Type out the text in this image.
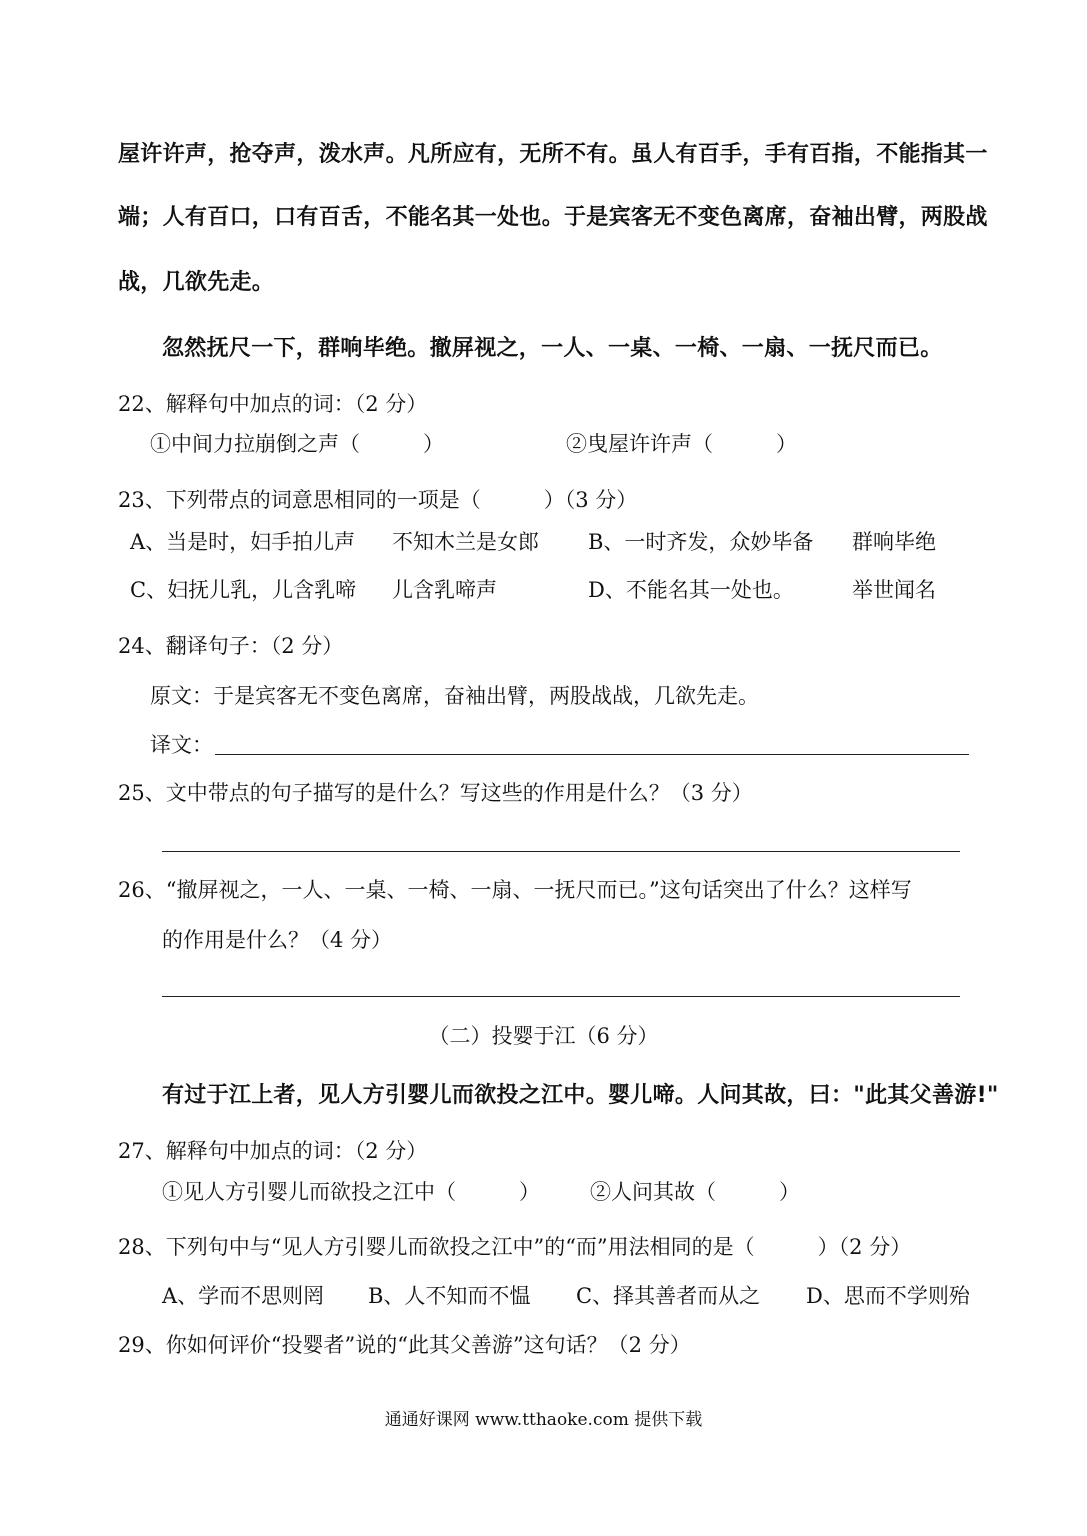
屋许许声，抢夺声，泼水声。凡所应有，无所不有。虽人有百手，手有百指，不能指其一
端；人有百口，口有百舌，不能名其一处也。于是宾客无不变色离席，奋袖出臂，两股战
战，几欲先走。
忽然抚尺一下，群响毕绝。撤屏视之，一人、一桌、一椅、一扇、一抚尺而已。
22、解释句中加点的词：（2 分）
①中间力拉崩倒之声（　　　）	②曳屋许许声（　　　）
23、下列带点的词意思相同的一项是（　　　）（3 分）
A、当是时，妇手拍儿声 不知木兰是女郎 B、一时齐发，众妙毕备 群响毕绝
C、妇抚儿乳，儿含乳啼 儿含乳啼声	D、不能名其一处也。	举世闻名
24、翻译句子：（2 分）
原文：于是宾客无不变色离席，奋袖出臂，两股战战，几欲先走。
译文：
25、文中带点的句子描写的是什么？写这些的作用是什么？（3 分）
26、“撤屏视之，一人、一桌、一椅、一扇、一抚尺而已。”这句话突出了什么？这样写
的作用是什么？（4 分）
（二）投婴于江（6 分）
有过于江上者，见人方引婴儿而欲投之江中。婴儿啼。人问其故，曰："此其父善游!"
27、解释句中加点的词：（2 分）
①见人方引婴儿而欲投之江中（　　　） ②人问其故（　　　）
28、下列句中与“见人方引婴儿而欲投之江中”的“而”用法相同的是（　　　）（2 分）
A、学而不思则罔 B、人不知而不愠 C、择其善者而从之 D、思而不学则殆
29、你如何评价“投婴者”说的“此其父善游”这句话？（2 分）
通通好课网 www.tthaoke.com 提供下载
